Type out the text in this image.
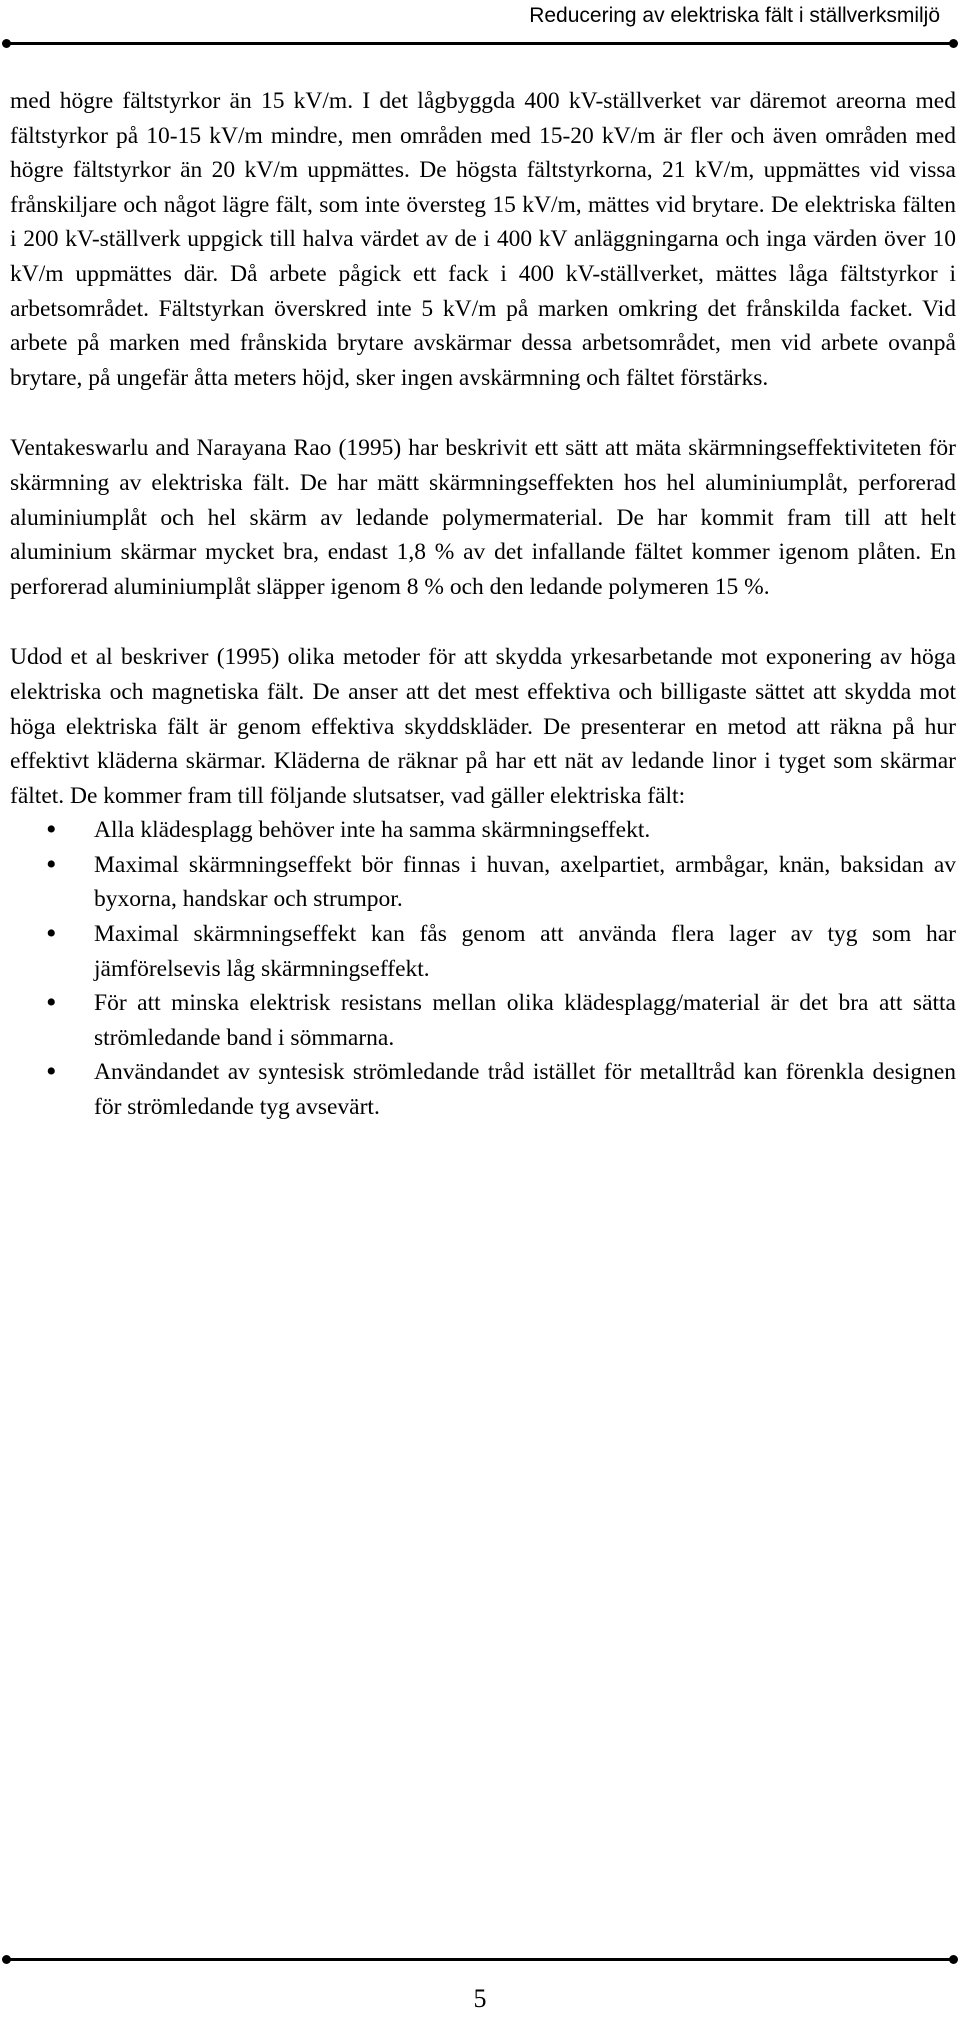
Reducering av elektriska fält i ställverksmiljö

med högre fältstyrkor än 15 kV/m. I det lågbyggda 400 kV-ställverket var däremot areorna med fältstyrkor på 10-15 kV/m mindre, men områden med 15-20 kV/m är fler och även områden med högre fältstyrkor än 20 kV/m uppmättes. De högsta fältstyrkorna, 21 kV/m, uppmättes vid vissa frånskiljare och något lägre fält, som inte översteg 15 kV/m, mättes vid brytare. De elektriska fälten i 200 kV-ställverk uppgick till halva värdet av de i 400 kV anläggningarna och inga värden över 10 kV/m uppmättes där. Då arbete pågick ett fack i 400 kV-ställverket, mättes låga fältstyrkor i arbetsområdet. Fältstyrkan överskred inte 5 kV/m på marken omkring det frånskilda facket. Vid arbete på marken med frånskida brytare avskärmar dessa arbetsområdet, men vid arbete ovanpå brytare, på ungefär åtta meters höjd, sker ingen avskärmning och fältet förstärks.

Ventakeswarlu and Narayana Rao (1995) har beskrivit ett sätt att mäta skärmningseffektiviteten för skärmning av elektriska fält. De har mätt skärmningseffekten hos hel aluminiumplåt, perforerad aluminiumplåt och hel skärm av ledande polymermaterial. De har kommit fram till att helt aluminium skärmar mycket bra, endast 1,8 % av det infallande fältet kommer igenom plåten. En perforerad aluminiumplåt släpper igenom 8 % och den ledande polymeren 15 %.

Udod et al beskriver (1995) olika metoder för att skydda yrkesarbetande mot exponering av höga elektriska och magnetiska fält. De anser att det mest effektiva och billigaste sättet att skydda mot höga elektriska fält är genom effektiva skyddskläder. De presenterar en metod att räkna på hur effektivt kläderna skärmar. Kläderna de räknar på har ett nät av ledande linor i tyget som skärmar fältet. De kommer fram till följande slutsatser, vad gäller elektriska fält:

• Alla klädesplagg behöver inte ha samma skärmningseffekt.
• Maximal skärmningseffekt bör finnas i huvan, axelpartiet, armbågar, knän, baksidan av byxorna, handskar och strumpor.
• Maximal skärmningseffekt kan fås genom att använda flera lager av tyg som har jämförelsevis låg skärmningseffekt.
• För att minska elektrisk resistans mellan olika klädesplagg/material är det bra att sätta strömledande band i sömmarna.
• Användandet av syntesisk strömledande tråd istället för metalltråd kan förenkla designen för strömledande tyg avsevärt.
5
